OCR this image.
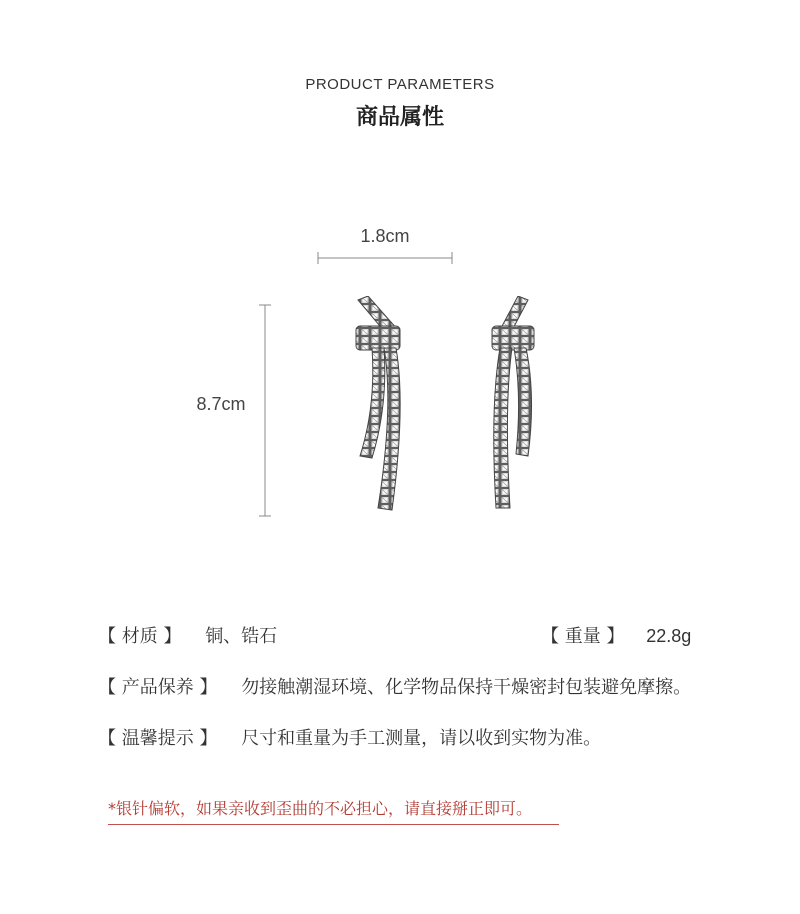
PRODUCT PARAMETERS
商品属性
1.8cm
8.7cm
【 材质 】 铜、锆石	【 重量 】 22.8g
【 产品保养 】 勿接触潮湿环境、化学物品保持干燥密封包装避免摩擦。
【 温馨提示 】 尺寸和重量为手工测量，请以收到实物为准。
*银针偏软，如果亲收到歪曲的不必担心，请直接掰正即可。
